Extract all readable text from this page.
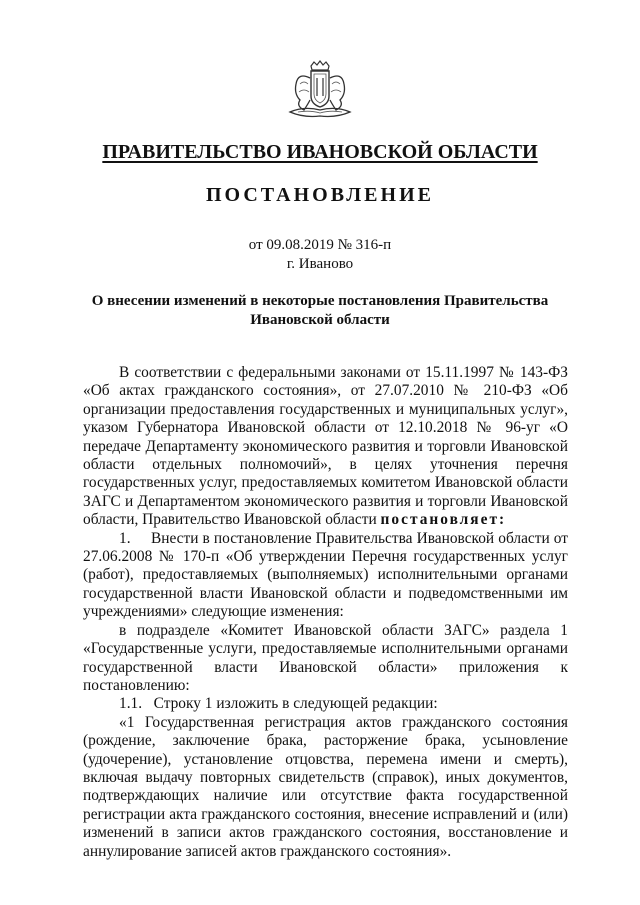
ПРАВИТЕЛЬСТВО ИВАНОВСКОЙ ОБЛАСТИ
ПОСТАНОВЛЕНИЕ
от 09.08.2019 № 316-п
г. Иваново
О внесении изменений в некоторые постановления Правительства Ивановской области

В соответствии с федеральными законами от 15.11.1997 № 143-ФЗ «Об актах гражданского состояния», от 27.07.2010 № 210-ФЗ «Об организации предоставления государственных и муниципальных услуг», указом Губернатора Ивановской области от 12.10.2018 № 96-уг «О передаче Департаменту экономического развития и торговли Ивановской области отдельных полномочий», в целях уточнения перечня государственных услуг, предоставляемых комитетом Ивановской области ЗАГС и Департаментом экономического развития и торговли Ивановской области, Правительство Ивановской области постановляет:

1.     Внести в постановление Правительства Ивановской области от 27.06.2008 № 170-п «Об утверждении Перечня государственных услуг (работ), предоставляемых (выполняемых) исполнительными органами государственной власти Ивановской области и подведомственными им учреждениями» следующие изменения:

в подразделе «Комитет Ивановской области ЗАГС» раздела 1 «Государственные услуги, предоставляемые исполнительными органами государственной власти Ивановской области» приложения к постановлению:

1.1.   Строку 1 изложить в следующей редакции:

«1 Государственная регистрация актов гражданского состояния (рождение, заключение брака, расторжение брака, усыновление (удочерение), установление отцовства, перемена имени и смерть), включая выдачу повторных свидетельств (справок), иных документов, подтверждающих наличие или отсутствие факта государственной регистрации акта гражданского состояния, внесение исправлений и (или) изменений в записи актов гражданского состояния, восстановление и аннулирование записей актов гражданского состояния».
